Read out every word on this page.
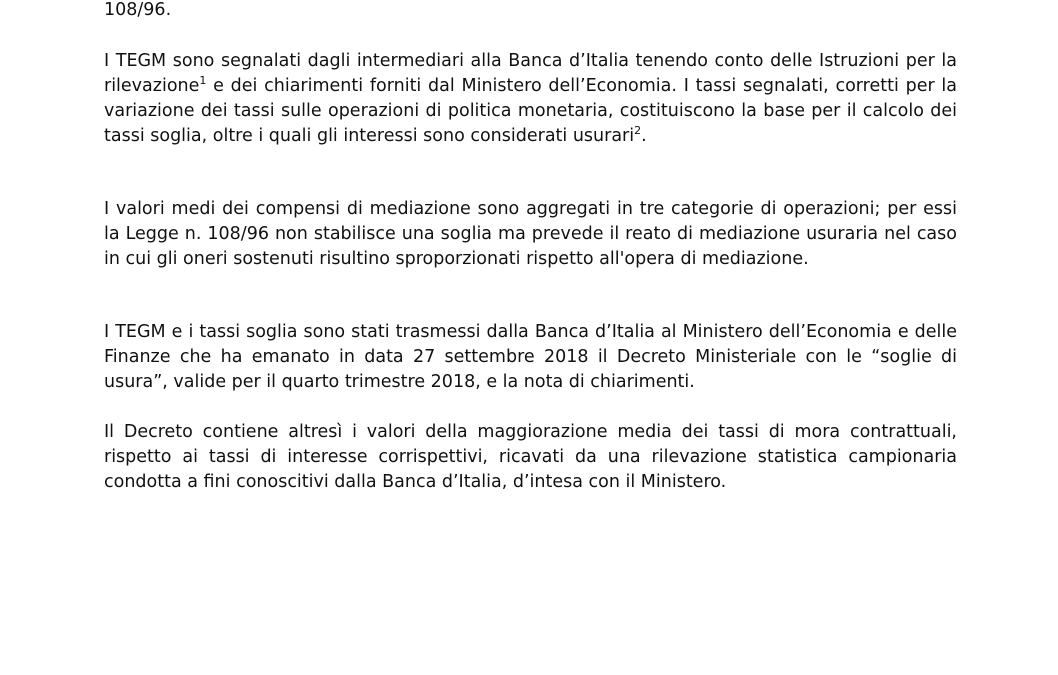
108/96.

I TEGM sono segnalati dagli intermediari alla Banca d’Italia tenendo conto delle Istruzioni per la rilevazione$^1$ e dei chiarimenti forniti dal Ministero dell’Economia. I tassi segnalati, corretti per la variazione dei tassi sulle operazioni di politica monetaria, costituiscono la base per il calcolo dei tassi soglia, oltre i quali gli interessi sono considerati usurari$^2$.

I valori medi dei compensi di mediazione sono aggregati in tre categorie di operazioni; per essi la Legge n. 108/96 non stabilisce una soglia ma prevede il reato di mediazione usuraria nel caso in cui gli oneri sostenuti risultino sproporzionati rispetto all'opera di mediazione.

I TEGM e i tassi soglia sono stati trasmessi dalla Banca d’Italia al Ministero dell’Economia e delle Finanze che ha emanato in data 27 settembre 2018 il Decreto Ministeriale con le “soglie di usura”, valide per il quarto trimestre 2018, e la nota di chiarimenti.

Il Decreto contiene altresì i valori della maggiorazione media dei tassi di mora contrattuali, rispetto ai tassi di interesse corrispettivi, ricavati da una rilevazione statistica campionaria condotta a fini conoscitivi dalla Banca d’Italia, d’intesa con il Ministero.
